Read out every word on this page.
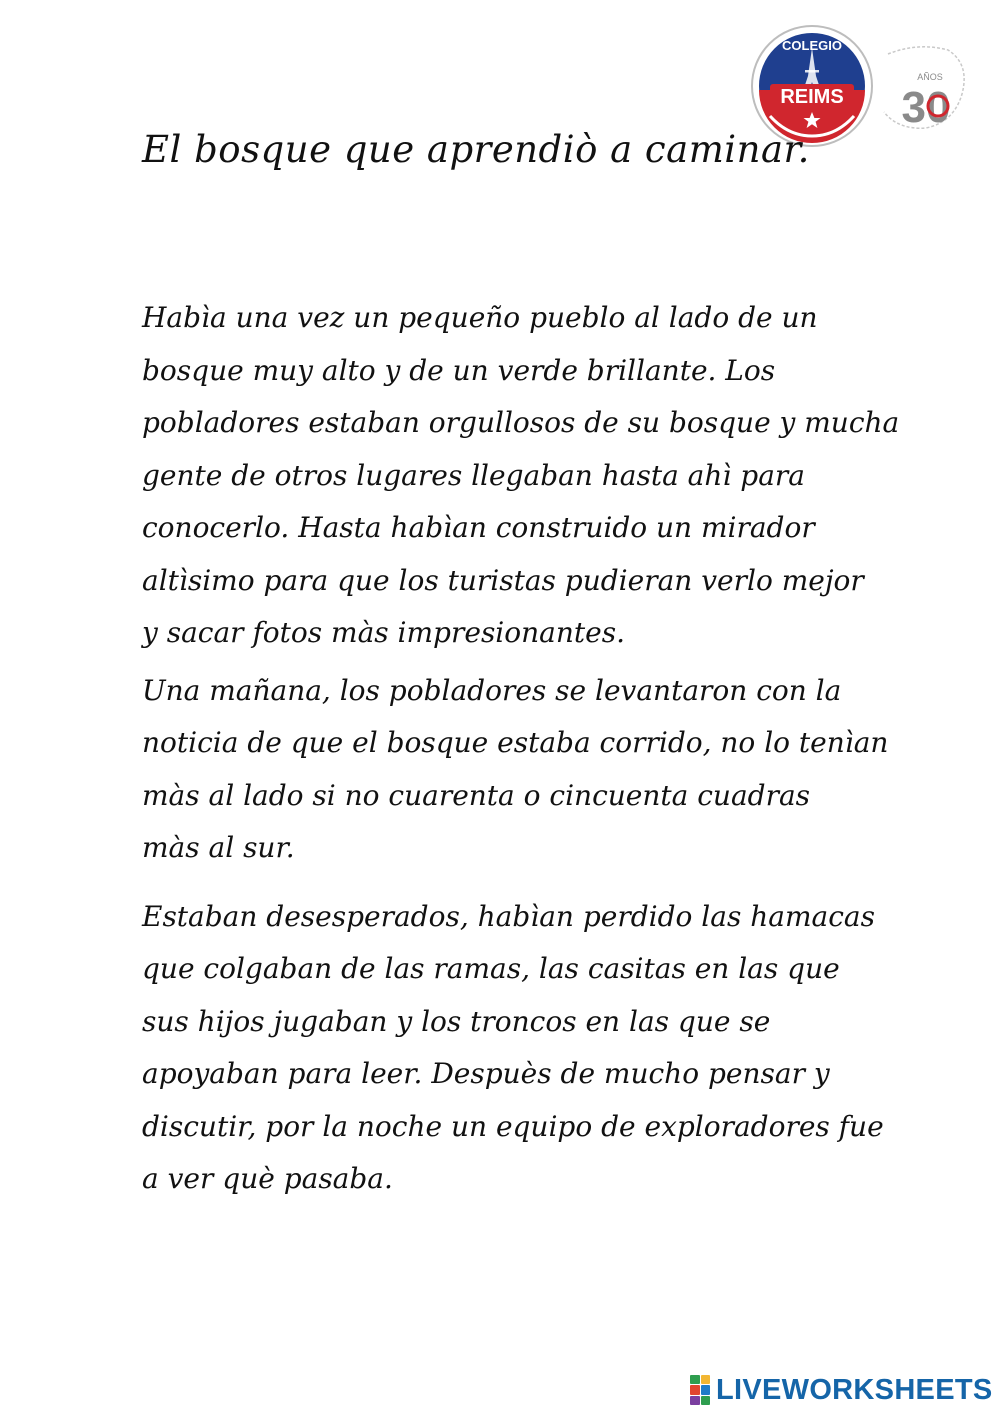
COLEGIO
REIMS 30
AÑOS
El bosque que aprendiò a caminar.

Habìa una vez un pequeño pueblo al lado de un
bosque muy alto y de un verde brillante. Los
pobladores estaban orgullosos de su bosque y mucha
gente de otros lugares llegaban hasta ahì para
conocerlo. Hasta habìan construido un mirador
altìsimo para que los turistas pudieran verlo mejor
y sacar fotos màs impresionantes.

Una mañana, los pobladores se levantaron con la
noticia de que el bosque estaba corrido, no lo tenìan
màs al lado si no cuarenta o cincuenta cuadras
màs al sur.

Estaban desesperados, habìan perdido las hamacas
que colgaban de las ramas, las casitas en las que
sus hijos jugaban y los troncos en las que se
apoyaban para leer. Despuès de mucho pensar y
discutir, por la noche un equipo de exploradores fue
a ver què pasaba.

LIVEWORKSHEETS
